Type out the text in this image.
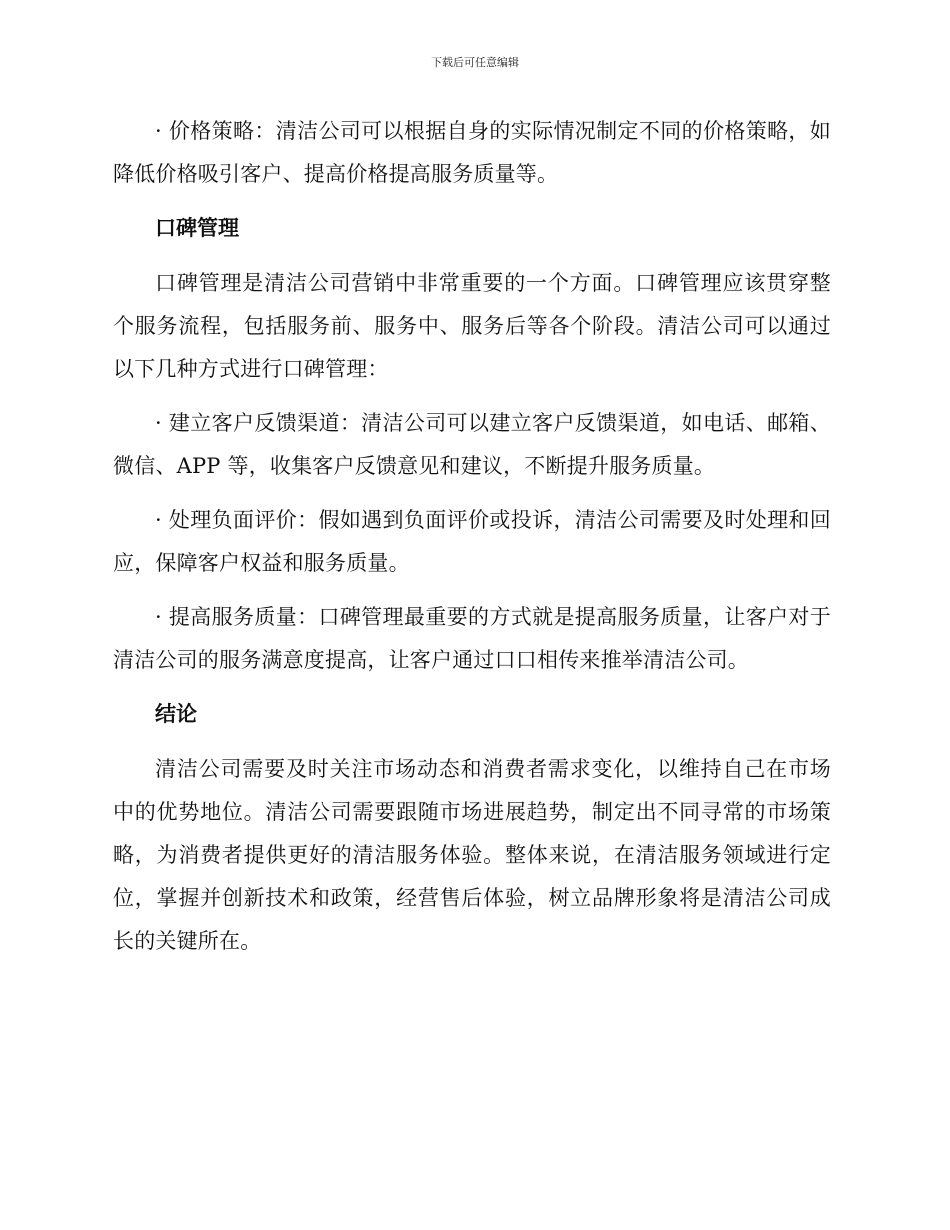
下载后可任意编辑

· 价格策略：清洁公司可以根据自身的实际情况制定不同的价格策略，如降低价格吸引客户、提高价格提高服务质量等。

口碑管理

口碑管理是清洁公司营销中非常重要的一个方面。口碑管理应该贯穿整个服务流程，包括服务前、服务中、服务后等各个阶段。清洁公司可以通过以下几种方式进行口碑管理：

· 建立客户反馈渠道：清洁公司可以建立客户反馈渠道，如电话、邮箱、微信、APP 等，收集客户反馈意见和建议，不断提升服务质量。

· 处理负面评价：假如遇到负面评价或投诉，清洁公司需要及时处理和回应，保障客户权益和服务质量。

· 提高服务质量：口碑管理最重要的方式就是提高服务质量，让客户对于清洁公司的服务满意度提高，让客户通过口口相传来推举清洁公司。

结论

清洁公司需要及时关注市场动态和消费者需求变化，以维持自己在市场中的优势地位。清洁公司需要跟随市场进展趋势，制定出不同寻常的市场策略，为消费者提供更好的清洁服务体验。整体来说，在清洁服务领域进行定位，掌握并创新技术和政策，经营售后体验，树立品牌形象将是清洁公司成长的关键所在。
